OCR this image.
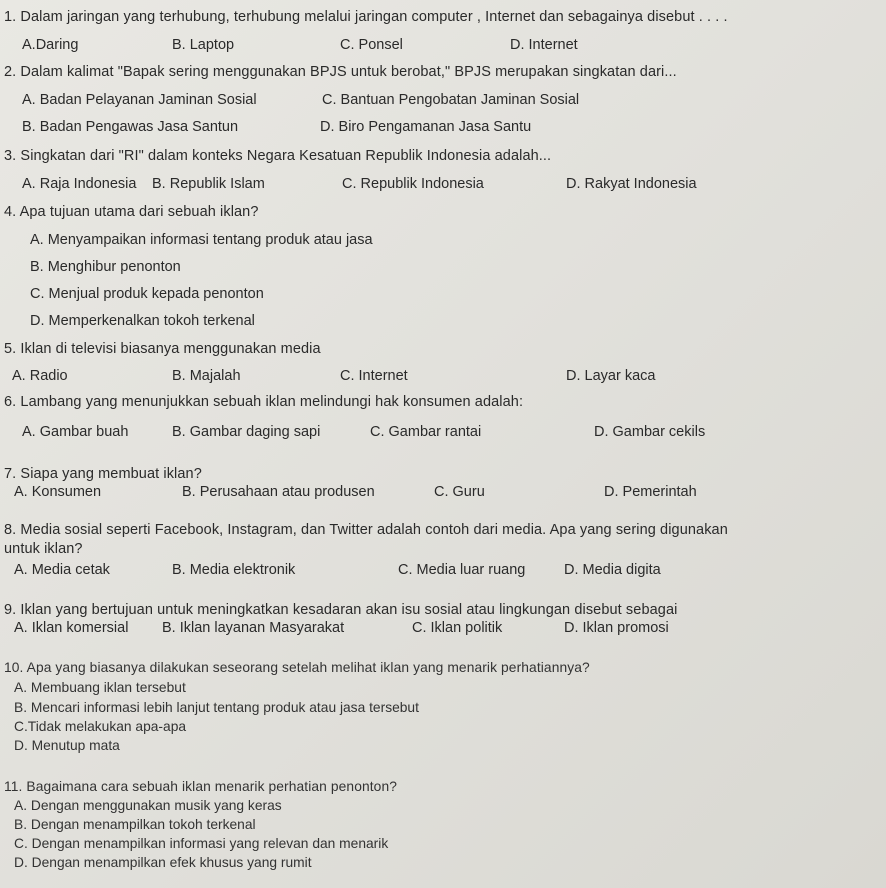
1. Dalam jaringan yang terhubung, terhubung melalui jaringan computer , Internet dan sebagainya disebut . . . .
A.Daring	B. Laptop	C. Ponsel	D. Internet
2. Dalam kalimat "Bapak sering menggunakan BPJS untuk berobat," BPJS merupakan singkatan dari...
A. Badan Pelayanan Jaminan Sosial	C. Bantuan Pengobatan Jaminan Sosial
B. Badan Pengawas Jasa Santun	D. Biro Pengamanan Jasa Santu
3. Singkatan dari "RI" dalam konteks Negara Kesatuan Republik Indonesia adalah...
A. Raja Indonesia B. Republik Islam	C. Republik Indonesia	D. Rakyat Indonesia
4. Apa tujuan utama dari sebuah iklan?
A. Menyampaikan informasi tentang produk atau jasa
B. Menghibur penonton
C. Menjual produk kepada penonton
D. Memperkenalkan tokoh terkenal
5. Iklan di televisi biasanya menggunakan media
A. Radio	B. Majalah	C. Internet	D. Layar kaca
6. Lambang yang menunjukkan sebuah iklan melindungi hak konsumen adalah:
A. Gambar buah	B. Gambar daging sapi	C. Gambar rantai	D. Gambar cekils
7. Siapa yang membuat iklan?
A. Konsumen	B. Perusahaan atau produsen	C. Guru	D. Pemerintah
8. Media sosial seperti Facebook, Instagram, dan Twitter adalah contoh dari media. Apa yang sering digunakan
untuk iklan?
A. Media cetak	B. Media elektronik	C. Media luar ruang	D. Media digita
9. Iklan yang bertujuan untuk meningkatkan kesadaran akan isu sosial atau lingkungan disebut sebagai
A. Iklan komersial B. Iklan layanan Masyarakat	C. Iklan politik	D. Iklan promosi
10. Apa yang biasanya dilakukan seseorang setelah melihat iklan yang menarik perhatiannya?
A. Membuang iklan tersebut
B. Mencari informasi lebih lanjut tentang produk atau jasa tersebut
C.Tidak melakukan apa-apa
D. Menutup mata
11. Bagaimana cara sebuah iklan menarik perhatian penonton?
A. Dengan menggunakan musik yang keras
B. Dengan menampilkan tokoh terkenal
C. Dengan menampilkan informasi yang relevan dan menarik
D. Dengan menampilkan efek khusus yang rumit
